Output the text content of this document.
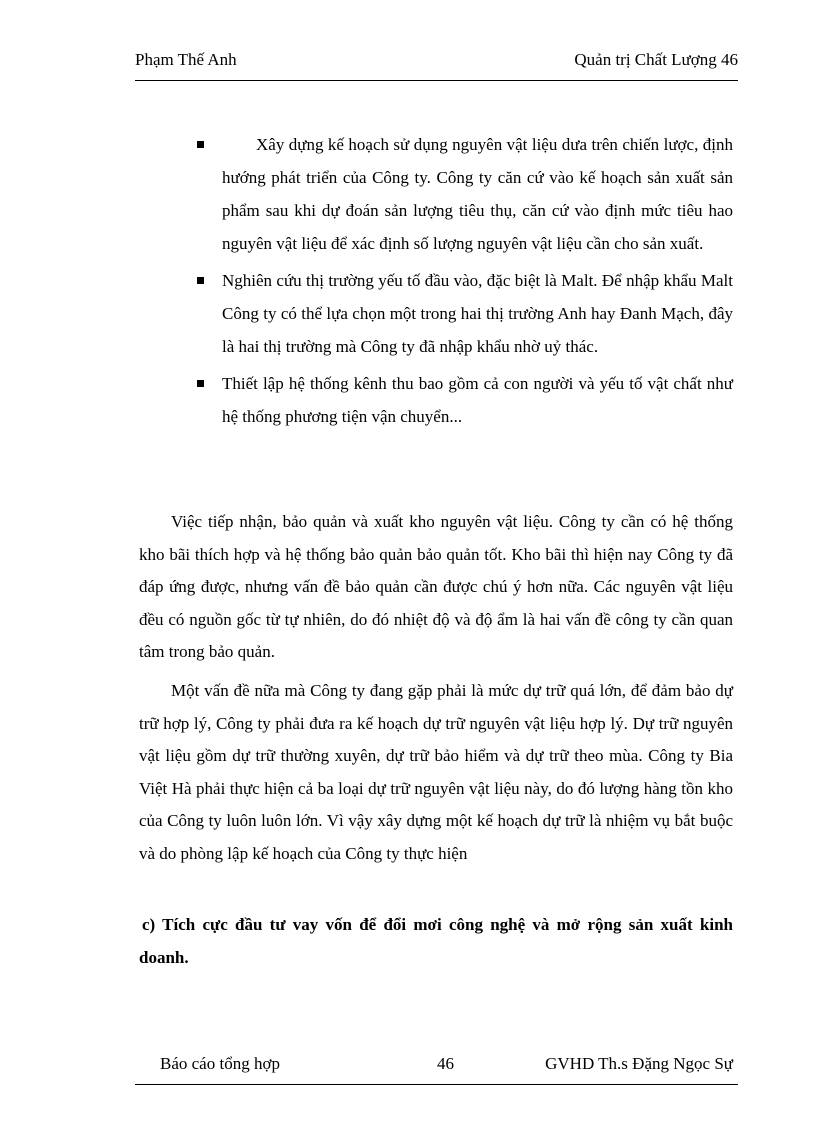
Phạm Thế Anh	Quản trị Chất Lượng 46
Xây dựng kế hoạch sử dụng nguyên vật liệu dưa trên chiến lược, định hướng phát triển của Công ty. Công ty căn cứ vào kế hoạch sản xuất sản phẩm sau khi dự đoán sản lượng tiêu thụ, căn cứ vào định mức tiêu hao nguyên vật liệu để xác định số lượng nguyên vật liệu cần cho sản xuất.
Nghiên cứu thị trường yếu tố đầu vào, đặc biệt là Malt. Để nhập khẩu Malt Công ty có thể lựa chọn một trong hai thị trường Anh hay Đanh Mạch, đây là hai thị trường mà Công ty đã nhập khẩu nhờ uỷ thác.
Thiết lập hệ thống kênh thu bao gồm cả con người và yếu tố vật chất như hệ thống phương tiện vận chuyển...
Việc tiếp nhận, bảo quản và xuất kho nguyên vật liệu. Công ty cần có hệ thống kho bãi thích hợp và hệ thống bảo quản bảo quản tốt. Kho bãi thì hiện nay Công ty đã đáp ứng được, nhưng vấn đề bảo quản cần được chú ý hơn nữa. Các nguyên vật liệu đều có nguồn gốc từ tự nhiên, do đó nhiệt độ và độ ẩm là hai vấn đề công ty cần quan tâm trong bảo quản.
Một vấn đề nữa mà Công ty đang gặp phải là mức dự trữ quá lớn, để đảm bảo dự trữ hợp lý, Công ty phải đưa ra kế hoạch dự trữ nguyên vật liệu hợp lý. Dự trữ nguyên vật liệu gồm dự trữ thường xuyên, dự trữ bảo hiểm và dự trữ theo mùa. Công ty Bia Việt Hà phải thực hiện cả ba loại dự trữ nguyên vật liệu này, do đó lượng hàng tồn kho của Công ty luôn luôn lớn. Vì vậy xây dựng một kế hoạch dự trữ là nhiệm vụ bắt buộc và do phòng lập kế hoạch của Công ty thực hiện
c) Tích cực đầu tư vay vốn để đổi mơi công nghệ và mở rộng sản xuất kinh doanh.
Báo cáo tổng hợp	46	GVHD Th.s Đặng Ngọc Sự
